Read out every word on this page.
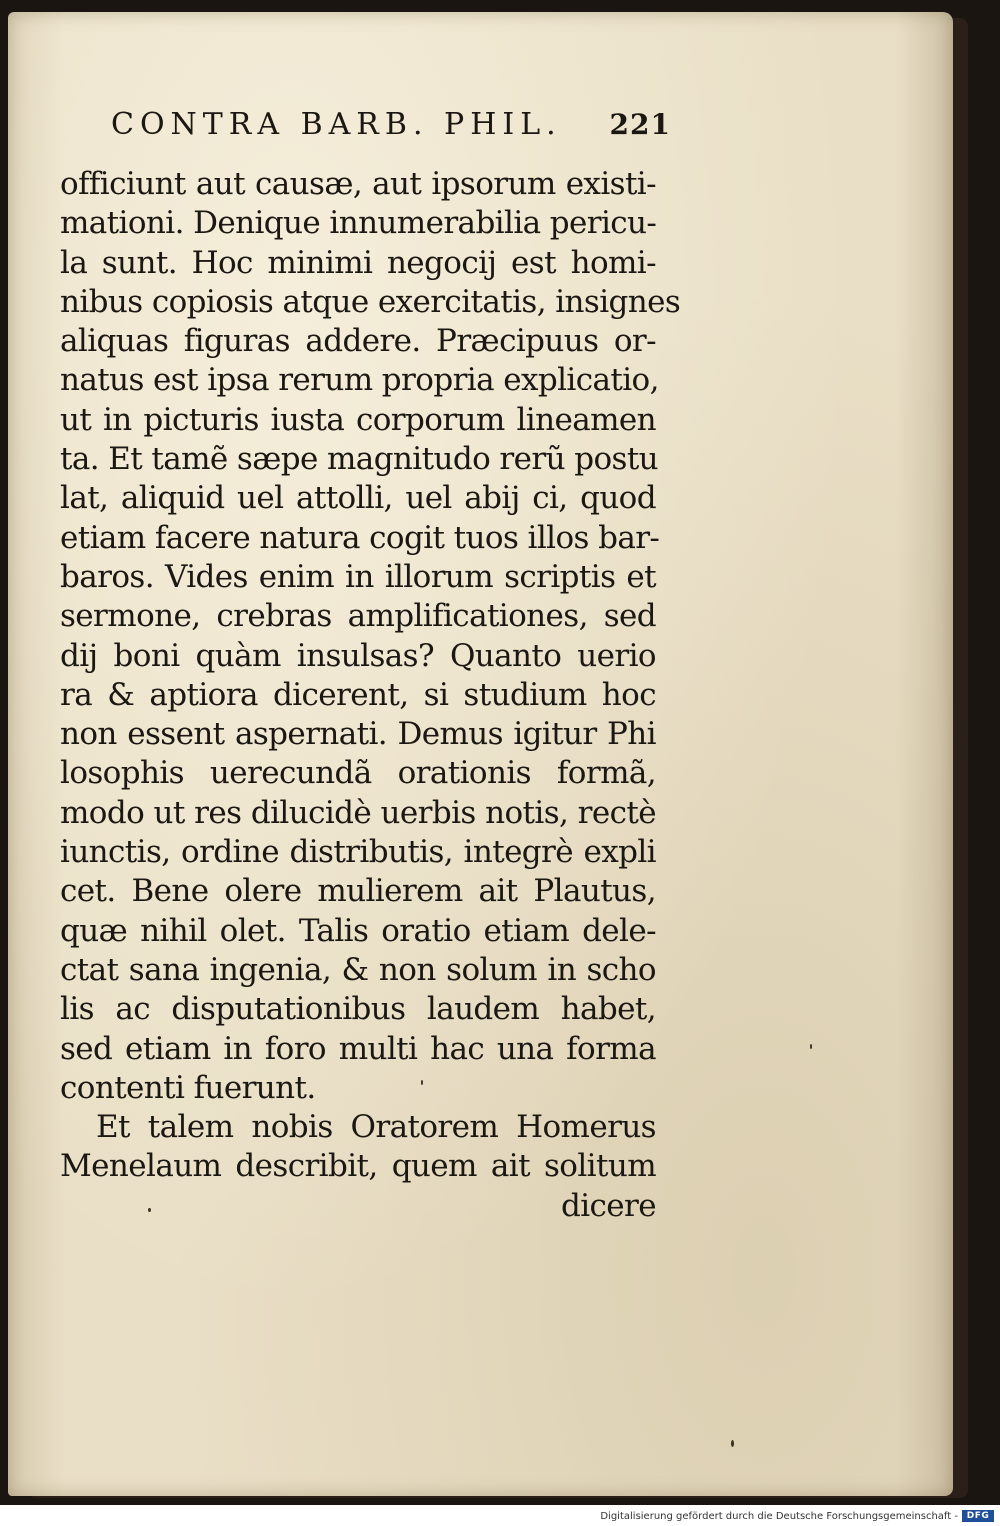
CONTRA BARB. PHIL. 221
officiunt aut causæ, aut ipsorum existi-
mationi. Denique innumerabilia pericu-
la sunt. Hoc minimi negocij est homi-
nibus copiosis atque exercitatis, insignes
aliquas figuras addere. Præcipuus or-
natus est ipsa rerum propria explicatio,
ut in picturis iusta corporum lineamen
ta. Et tamẽ sæpe magnitudo rerũ postu
lat, aliquid uel attolli, uel abij ci, quod
etiam facere natura cogit tuos illos bar-
baros. Vides enim in illorum scriptis et
sermone, crebras amplificationes, sed
dij boni quàm insulsas? Quanto uerio
ra & aptiora dicerent, si studium hoc
non essent aspernati. Demus igitur Phi
losophis uerecundã orationis formã,
modo ut res dilucidè uerbis notis, rectè
iunctis, ordine distributis, integrè expli
cet. Bene olere mulierem ait Plautus,
quæ nihil olet. Talis oratio etiam dele-
ctat sana ingenia, & non solum in scho
lis ac disputationibus laudem habet,
sed etiam in foro multi hac una forma
contenti fuerunt.
Et talem nobis Oratorem Homerus
Menelaum describit, quem ait solitum
dicere
Digitalisierung gefördert durch die Deutsche Forschungsgemeinschaft - DFG
